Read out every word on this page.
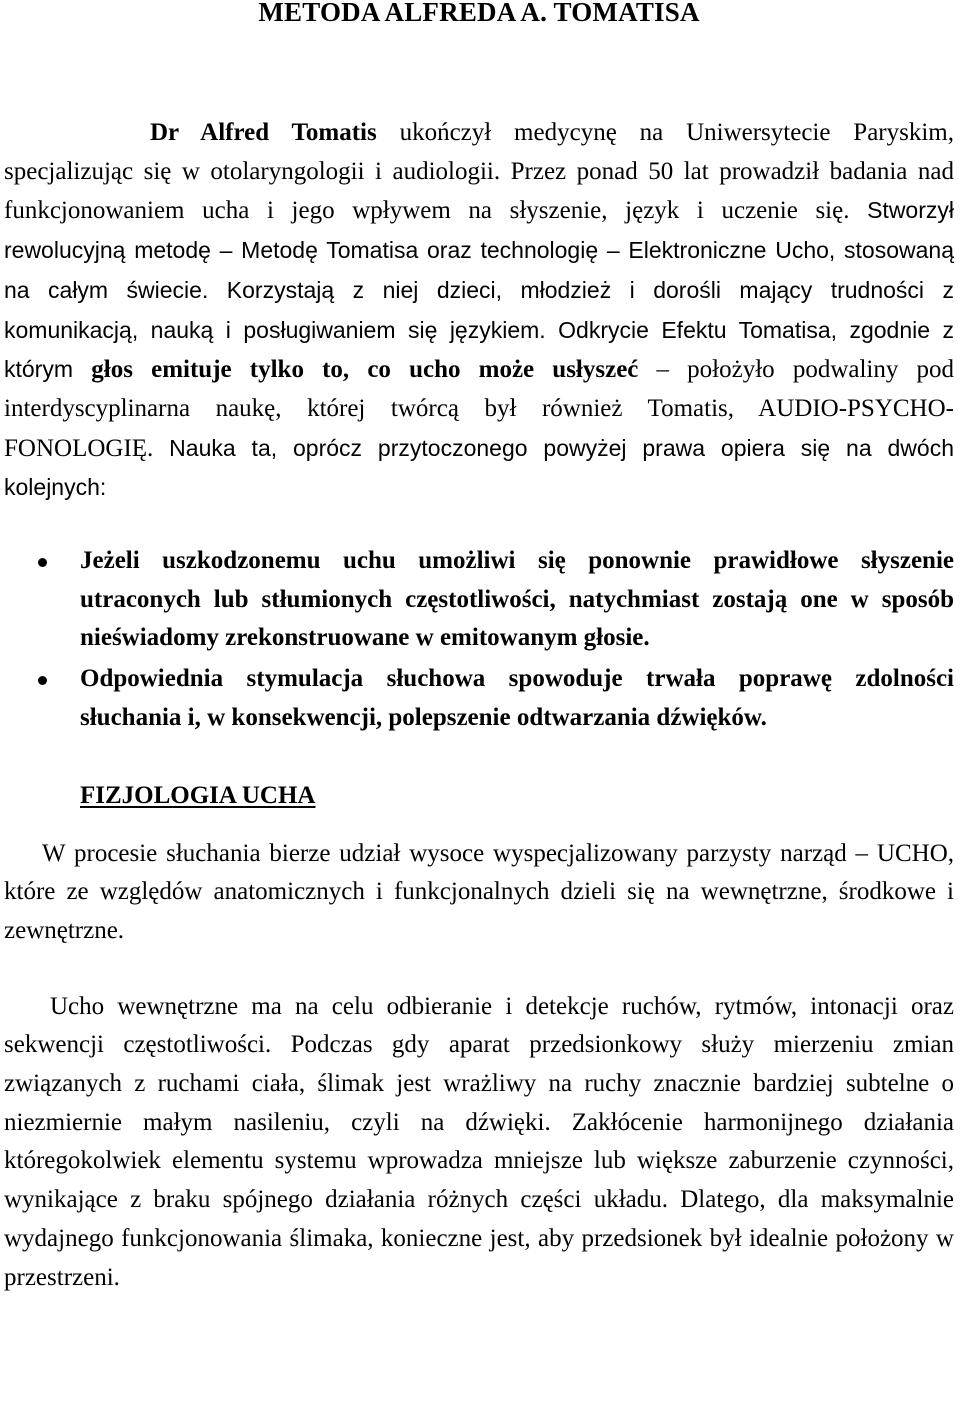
METODA ALFREDA A. TOMATISA

Dr Alfred Tomatis ukończył medycynę na Uniwersytecie Paryskim, specjalizując się w otolaryngologii i audiologii. Przez ponad 50 lat prowadził badania nad funkcjonowaniem ucha i jego wpływem na słyszenie, język i uczenie się. Stworzył rewolucyjną metodę – Metodę Tomatisa oraz technologię – Elektroniczne Ucho, stosowaną na całym świecie. Korzystają z niej dzieci, młodzież i dorośli mający trudności z komunikacją, nauką i posługiwaniem się językiem. Odkrycie Efektu Tomatisa, zgodnie z którym głos emituje tylko to, co ucho może usłyszeć – położyło podwaliny pod interdyscyplinarna naukę, której twórcą był również Tomatis, AUDIO-PSYCHO-FONOLOGIĘ. Nauka ta, oprócz przytoczonego powyżej prawa opiera się na dwóch kolejnych:

Jeżeli uszkodzonemu uchu umożliwi się ponownie prawidłowe słyszenie utraconych lub stłumionych częstotliwości, natychmiast zostają one w sposób nieświadomy zrekonstruowane w emitowanym głosie.
Odpowiednia stymulacja słuchowa spowoduje trwała poprawę zdolności słuchania i, w konsekwencji, polepszenie odtwarzania dźwięków.
FIZJOLOGIA UCHA

W procesie słuchania bierze udział wysoce wyspecjalizowany parzysty narząd – UCHO, które ze względów anatomicznych i funkcjonalnych dzieli się na wewnętrzne, środkowe i zewnętrzne.

Ucho wewnętrzne ma na celu odbieranie i detekcje ruchów, rytmów, intonacji oraz sekwencji częstotliwości. Podczas gdy aparat przedsionkowy służy mierzeniu zmian związanych z ruchami ciała, ślimak jest wrażliwy na ruchy znacznie bardziej subtelne o niezmiernie małym nasileniu, czyli na dźwięki. Zakłócenie harmonijnego działania któregokolwiek elementu systemu wprowadza mniejsze lub większe zaburzenie czynności, wynikające z braku spójnego działania różnych części układu. Dlatego, dla maksymalnie wydajnego funkcjonowania ślimaka, konieczne jest, aby przedsionek był idealnie położony w przestrzeni.
